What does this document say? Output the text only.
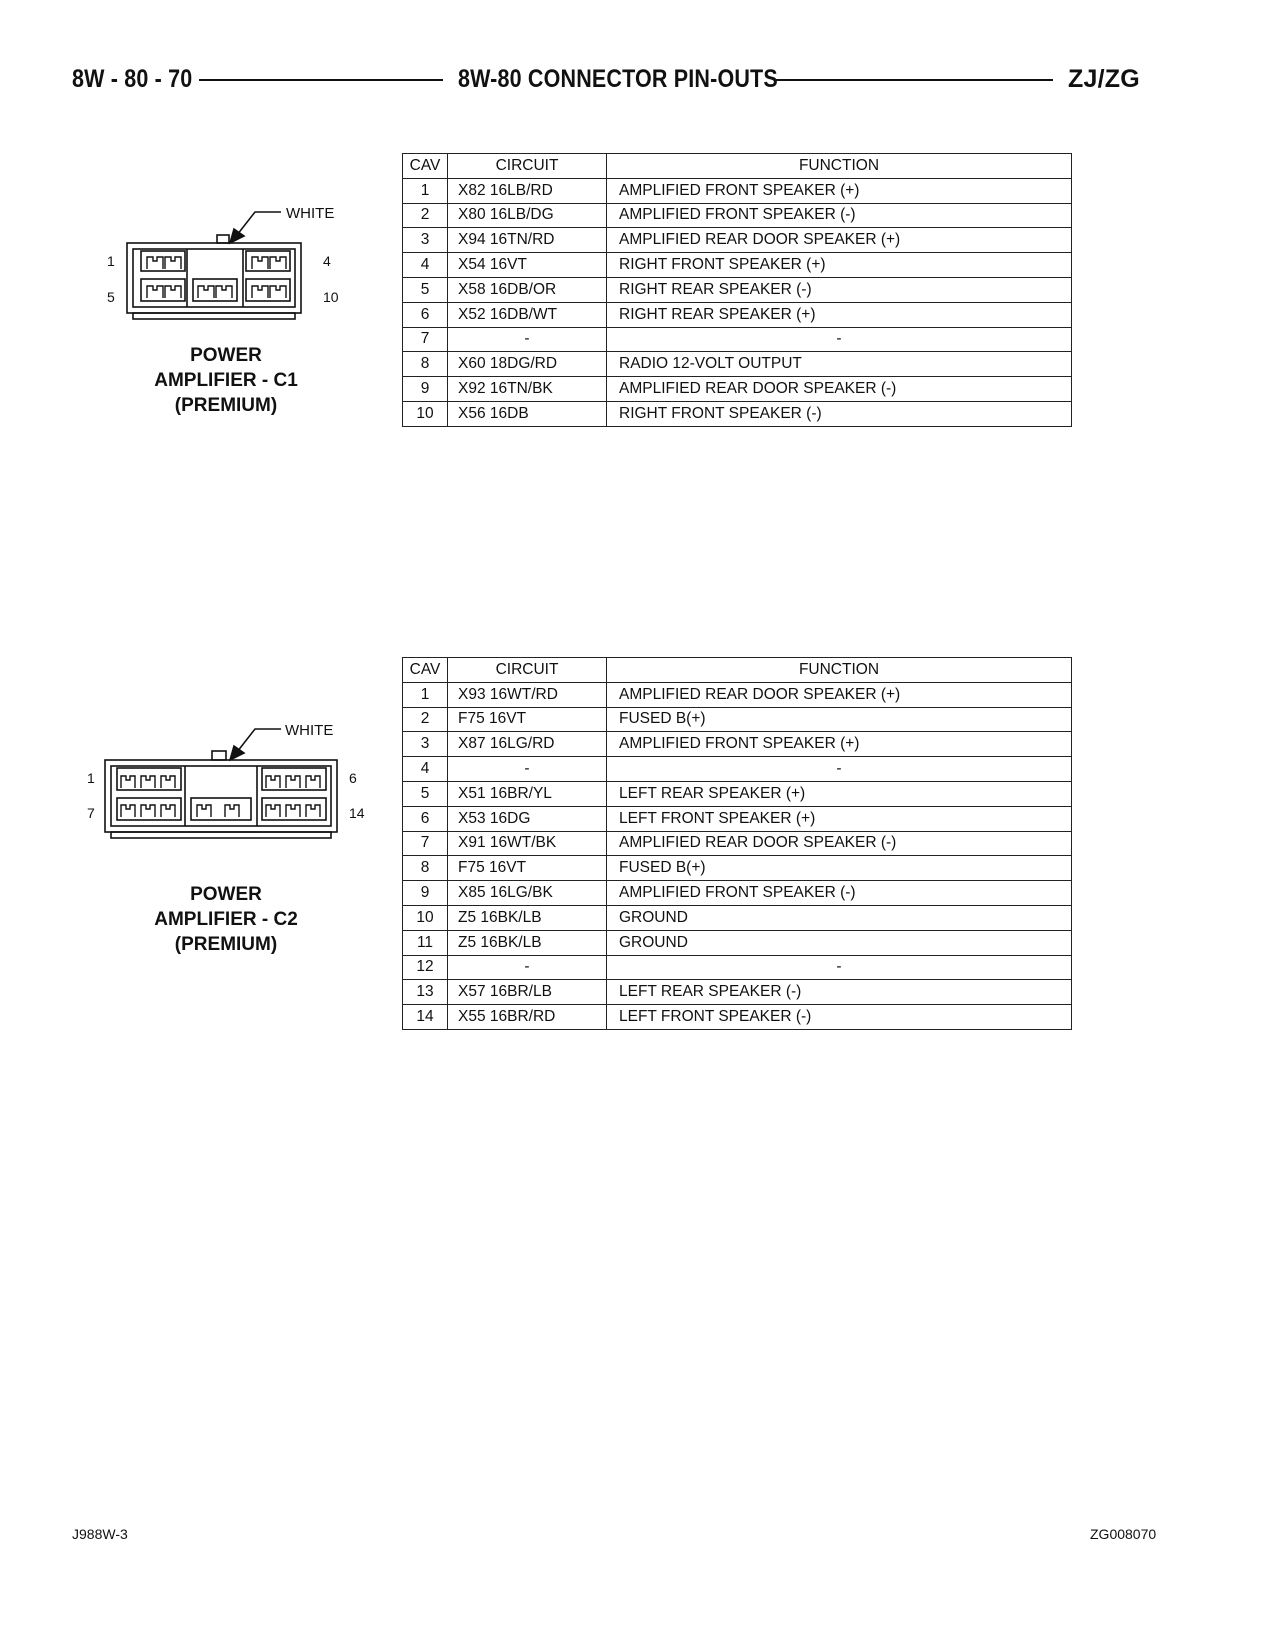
8W - 80 - 70	8W-80 CONNECTOR PIN-OUTS	ZJ/ZG
WHITE
1	4
5	10
POWER
AMPLIFIER - C1
(PREMIUM)
CAV	CIRCUIT	FUNCTION
1	X82 16LB/RD	AMPLIFIED FRONT SPEAKER (+)
2	X80 16LB/DG	AMPLIFIED FRONT SPEAKER (-)
3	X94 16TN/RD	AMPLIFIED REAR DOOR SPEAKER (+)
4	X54 16VT	RIGHT FRONT SPEAKER (+)
5	X58 16DB/OR	RIGHT REAR SPEAKER (-)
6	X52 16DB/WT	RIGHT REAR SPEAKER (+)
7	-	-
8	X60 18DG/RD	RADIO 12-VOLT OUTPUT
9	X92 16TN/BK	AMPLIFIED REAR DOOR SPEAKER (-)
10	X56 16DB	RIGHT FRONT SPEAKER (-)
WHITE
1	6
7	14
POWER
AMPLIFIER - C2
(PREMIUM)
CAV	CIRCUIT	FUNCTION
1	X93 16WT/RD	AMPLIFIED REAR DOOR SPEAKER (+)
2	F75 16VT	FUSED B(+)
3	X87 16LG/RD	AMPLIFIED FRONT SPEAKER (+)
4	-	-
5	X51 16BR/YL	LEFT REAR SPEAKER (+)
6	X53 16DG	LEFT FRONT SPEAKER (+)
7	X91 16WT/BK	AMPLIFIED REAR DOOR SPEAKER (-)
8	F75 16VT	FUSED B(+)
9	X85 16LG/BK	AMPLIFIED FRONT SPEAKER (-)
10	Z5 16BK/LB	GROUND
11	Z5 16BK/LB	GROUND
12	-	-
13	X57 16BR/LB	LEFT REAR SPEAKER (-)
14	X55 16BR/RD	LEFT FRONT SPEAKER (-)
J988W-3	ZG008070
